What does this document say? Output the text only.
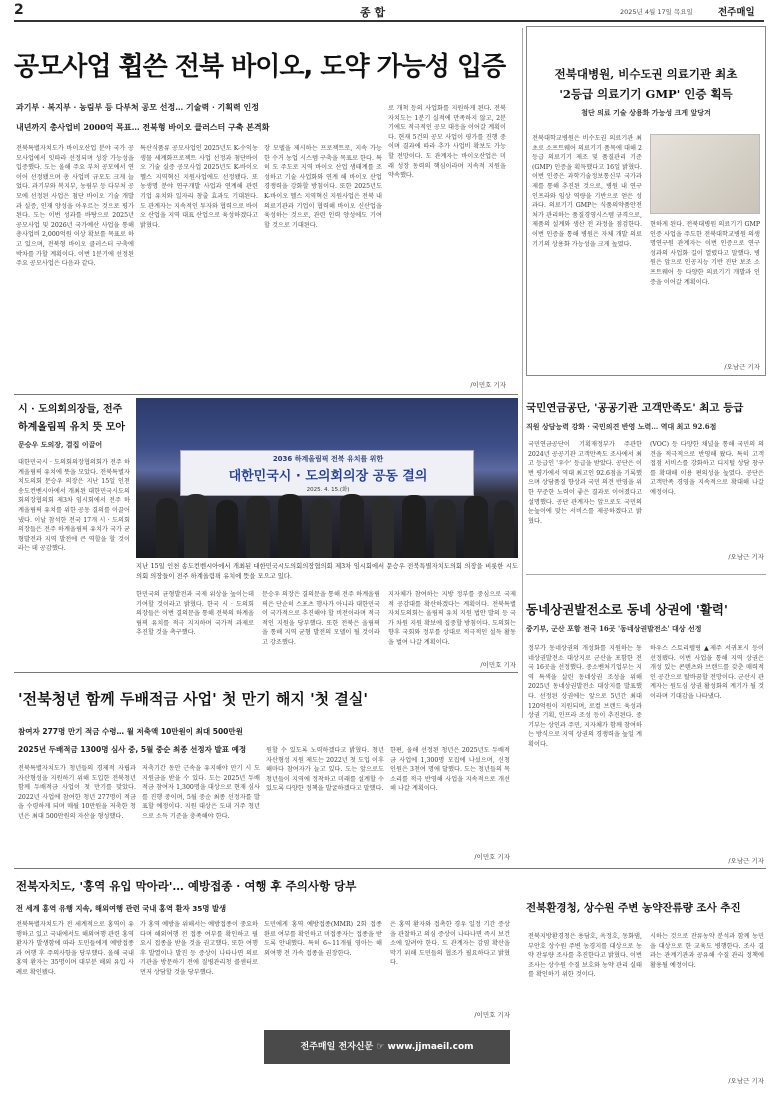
2	종 합	2025년 4월 17일 목요일	전주매일
공모사업 휩쓴 전북 바이오, 도약 가능성 입증
과기부 · 복지부 · 농림부 등 다부처 공모 선정… 기술력 · 기획력 인정
내년까지 총사업비 2000억 목표… 전북형 바이오 클러스터 구축 본격화
전북특별자치도가 바이오산업 분야 국가 공모사업에서 잇따라 선정되며 성장 가능성을 입증했다. 도는 올해 주요 부처 공모에서 연이어 선정됐으며 총 사업비 규모도 크게 늘었다. 과기부와 복지부, 농림부 등 다부처 공모에 선정된 사업은 첨단 바이오 기술 개발과 실증, 인재 양성을 아우르는 것으로 평가된다. 도는 이번 성과를 바탕으로 2025년 공모사업 및 2026년 국가예산 사업을 통해 총사업비 2,000억원 이상 확보를 목표로 하고 있으며, 전북형 바이오 클러스터 구축에 박차를 가할 계획이다. 이번 1분기에 선정된 주요 공모사업은 다음과 같다.
특산식품류 공모사업인 2025년도 K-수익농생물 세계화프로젝트 사업 선정과 첨단바이오 기술 실증 공모사업 2025년도 K-바이오 헬스 지역혁신 지원사업에도 선정됐다. 또 농생명 분야 연구개발 사업과 연계해 관련 기업 유치와 일자리 창출 효과도 기대된다. 도 관계자는 지속적인 투자와 협력으로 바이오 산업을 지역 대표 산업으로 육성하겠다고 밝혔다.
장 모델을 제시하는 프로젝트로, 지속 가능한 수거 농업 시스템 구축을 목표로 한다. 특히 도 주도로 지역 바이오 산업 생태계를 조성하고 기술 사업화와 연계 해 바이오 산업 경쟁력을 강화할 방침이다. 또한 2025년도 K-바이오 헬스 지역혁신 지원사업은 전북 내 의료기관과 기업이 협력해 바이오 신산업을 육성하는 것으로, 관련 인력 양성에도 기여할 것으로 기대된다.
로 개척 등의 사업화를 지원하게 된다. 전북자치도는 1분기 실적에 만족하지 않고, 2분기에도 적극적인 공모 대응을 이어갈 계획이다. 현재 5건의 공모 사업이 평가를 진행 중이며 결과에 따라 추가 사업비 확보도 가능할 전망이다. 도 관계자는 바이오산업은 미래 성장 동력의 핵심이라며 지속적 지원을 약속했다.
/이민호 기자
전북대병원, 비수도권 의료기관 최초
'2등급 의료기기 GMP' 인증 획득
첨단 의료 기술 상용화 가능성 크게 앞당겨
전북대학교병원은 비수도권 의료기관 최초로 소프트웨어 의료기기 품목에 대해 2등급 의료기기 제조 및 품질관리 기준(GMP) 인증을 획득했다고 16일 밝혔다. 이번 인증은 과학기술정보통신부 국가과제를 통해 추진된 것으로, 병원 내 연구 인프라와 임상 역량을 기반으로 얻은 성과다. 의료기기 GMP는 식품의약품안전처가 관리하는 품질경영시스템 규격으로, 제품의 설계와 생산 전 과정을 점검한다. 이번 인증을 통해 병원은 자체 개발 의료기기의 상용화 가능성을 크게 높였다.
현하게 된다. 전북대병원 의료기기 GMP 인증 사업을 주도한 전북대학교병원 의생명연구원 관계자는 이번 인증으로 연구 성과의 사업화 길이 열렸다고 말했다. 병원은 앞으로 인공지능 기반 진단 보조 소프트웨어 등 다양한 의료기기 개발과 인증을 이어갈 계획이다.
/오남근 기자
국민연금공단, '공공기관 고객만족도' 최고 등급
직원 상담능력 강화 · 국민의견 반영 노력… 역대 최고 92.6점
국민연금공단이 기획재정부가 주관한 2024년 공공기관 고객만족도 조사에서 최고 등급인 '우수' 등급을 받았다. 공단은 이번 평가에서 역대 최고인 92.6점을 기록했으며 상담품질 향상과 국민 의견 반영을 위한 꾸준한 노력이 좋은 결과로 이어졌다고 설명했다. 공단 관계자는 앞으로도 국민의 눈높이에 맞는 서비스를 제공하겠다고 밝혔다.
(VOC) 등 다양한 채널을 통해 국민의 의견을 적극적으로 반영해 왔다. 특히 고객 접점 서비스를 강화하고 디지털 상담 창구를 확대해 이용 편의성을 높였다. 공단은 고객만족 경영을 지속적으로 확대해 나갈 예정이다.
/오남근 기자
동네상권발전소로 동네 상권에 '활력'
중기부, 군산 포함 전국 16곳 '동네상권발전소' 대상 선정
정부가 동네상권의 개성화를 지원하는 동네상권발전소 대상지로 군산을 포함한 전국 16곳을 선정했다. 중소벤처기업부는 지역 특색을 살린 동네상권 조성을 위해 2025년 동네상권발전소 대상지를 발표했다. 선정된 상권에는 앞으로 5년간 최대 120억원이 지원되며, 로컬 브랜드 육성과 상권 기획, 인프라 조성 등이 추진된다. 중기부는 상인과 주민, 지자체가 함께 참여하는 방식으로 지역 상권의 경쟁력을 높일 계획이다.
하우스 스토리텔링 ▲제주 서귀포시 등이 선정됐다. 이번 사업을 통해 지역 상권은 개성 있는 콘텐츠와 브랜드를 갖춘 매력적인 공간으로 탈바꿈할 전망이다. 군산시 관계자는 원도심 상권 활성화의 계기가 될 것이라며 기대감을 나타냈다.
/오남근 기자
시 · 도의회의장들, 전주
하계올림픽 유치 뜻 모아
문승우 도의장, 결집 이끌어
대한민국시 · 도의회의장협의회가 전주 하계올림픽 유치에 뜻을 모았다. 전북특별자치도의회 문승우 의장은 지난 15일 인천 송도컨벤시아에서 개최된 대한민국시도의회의장협의회 제3차 임시회에서 전주 하계올림픽 유치를 위한 공동 결의를 이끌어냈다. 이날 참석한 전국 17개 시 · 도의회 의장들은 전주 하계올림픽 유치가 국가 균형발전과 지역 발전에 큰 역할을 할 것이라는 데 공감했다.
2036 하계올림픽 전북 유치를 위한
대한민국시 · 도의회의장 공동 결의
2025. 4. 15.(화)
지난 15일 인천 송도컨벤시아에서 개최된 대한민국시도의회의장협의회 제3차 임시회에서 문승우 전북특별자치도의회 의장을 비롯한 시도의회 의장들이 전주 하계올림픽 유치에 뜻을 모으고 있다.
한민국의 균형발전과 국제 위상을 높이는데 기여할 것이라고 밝혔다. 한국 시 · 도의회 의장들은 이번 결의문을 통해 전북의 하계올림픽 유치를 적극 지지하며 국가적 과제로 추진할 것을 촉구했다.
문승우 의장은 결의문을 통해 전주 하계올림픽은 단순히 스포츠 행사가 아니라 대한민국이 국가적으로 추진해야 할 비전이라며 적극적인 지원을 당부했다. 또한 전북은 올림픽을 통해 지역 균형 발전의 모델이 될 것이라고 강조했다.
지자체가 참여하는 지방 정부를 중심으로 국제적 공감대를 확산하겠다는 계획이다. 전북특별자치도의회는 올림픽 유치 지원 법안 발의 등 국가 차원 지원 확보에 집중할 방침이다. 도의회는 향후 국회와 정부를 상대로 적극적인 설득 활동을 벌여 나갈 계획이다.
/이민호 기자
'전북청년 함께 두배적금 사업' 첫 만기 해지 '첫 결실'
참여자 277명 만기 적금 수령… 월 저축액 10만원이 최대 500만원
2025년 두배적금 1300명 심사 중, 5월 중순 최종 선정자 발표 예정
전북특별자치도가 청년들의 경제적 자립과 자산형성을 지원하기 위해 도입한 전북청년 함께 두배적금 사업이 첫 만기를 맞았다. 2022년 사업에 참여한 청년 277명이 적금을 수령하게 되며 매월 10만원을 저축한 청년은 최대 500만원의 자산을 형성했다.
저축기간 동안 근속을 유지해야 만기 시 도 지원금을 받을 수 있다. 도는 2025년 두배적금 참여자 1,300명을 대상으로 현재 심사를 진행 중이며, 5월 중순 최종 선정자를 발표할 예정이다. 지원 대상은 도내 거주 청년으로 소득 기준을 충족해야 한다.
원할 수 있도록 노력하겠다고 밝혔다. 청년 자산형성 지원 제도는 2022년 첫 도입 이후 해마다 참여자가 늘고 있다. 도는 앞으로도 청년들이 지역에 정착하고 미래를 설계할 수 있도록 다양한 정책을 발굴하겠다고 말했다.
한편, 올해 선정된 청년은 2025년도 두배적금 사업에 1,300명 모집에 나섰으며, 신청 인원은 3천여 명에 달했다. 도는 청년들의 목소리를 적극 반영해 사업을 지속적으로 개선해 나갈 계획이다.
/이민호 기자
전북자치도, '홍역 유입 막아라'… 예방접종 · 여행 후 주의사항 당부
전 세계 홍역 유행 지속, 해외여행 관련 국내 홍역 환자 35명 발생
전북특별자치도가 전 세계적으로 홍역이 유행하고 있고 국내에서도 해외여행 관련 홍역 환자가 발생함에 따라 도민들에게 예방접종과 여행 후 주의사항을 당부했다. 올해 국내 홍역 환자는 35명이며 대부분 해외 유입 사례로 확인됐다.
가 홍역 예방을 위해서는 예방접종이 중요하다며 해외여행 전 접종 여부를 확인하고 필요시 접종을 받을 것을 권고했다. 또한 여행 후 발열이나 발진 등 증상이 나타나면 의료기관을 방문하기 전에 질병관리청 콜센터로 먼저 상담할 것을 당부했다.
도민에게 홍역 예방접종(MMR) 2회 접종 완료 여부를 확인하고 미접종자는 접종을 받도록 안내했다. 특히 6~11개월 영아는 해외여행 전 가속 접종을 권장한다.
은 홍역 환자와 접촉한 경우 일정 기간 증상을 관찰하고 의심 증상이 나타나면 즉시 보건소에 알려야 한다. 도 관계자는 감염 확산을 막기 위해 도민들의 협조가 필요하다고 밝혔다.
/이민호 기자
전주매일 전자신문 ☞ www.jjmaeil.com
전북환경청, 상수원 주변 농약잔류량 조사 추진
전북지방환경청은 용담호, 옥정호, 동화댐, 부안호 상수원 주변 농경지를 대상으로 농약 잔류량 조사를 추진한다고 밝혔다. 이번 조사는 상수원 수질 보호와 농약 관리 실태를 확인하기 위한 것이다.
시하는 것으로 잔류농약 분석과 함께 농민을 대상으로 한 교육도 병행한다. 조사 결과는 관계기관과 공유해 수질 관리 정책에 활용될 예정이다.
/오남근 기자
